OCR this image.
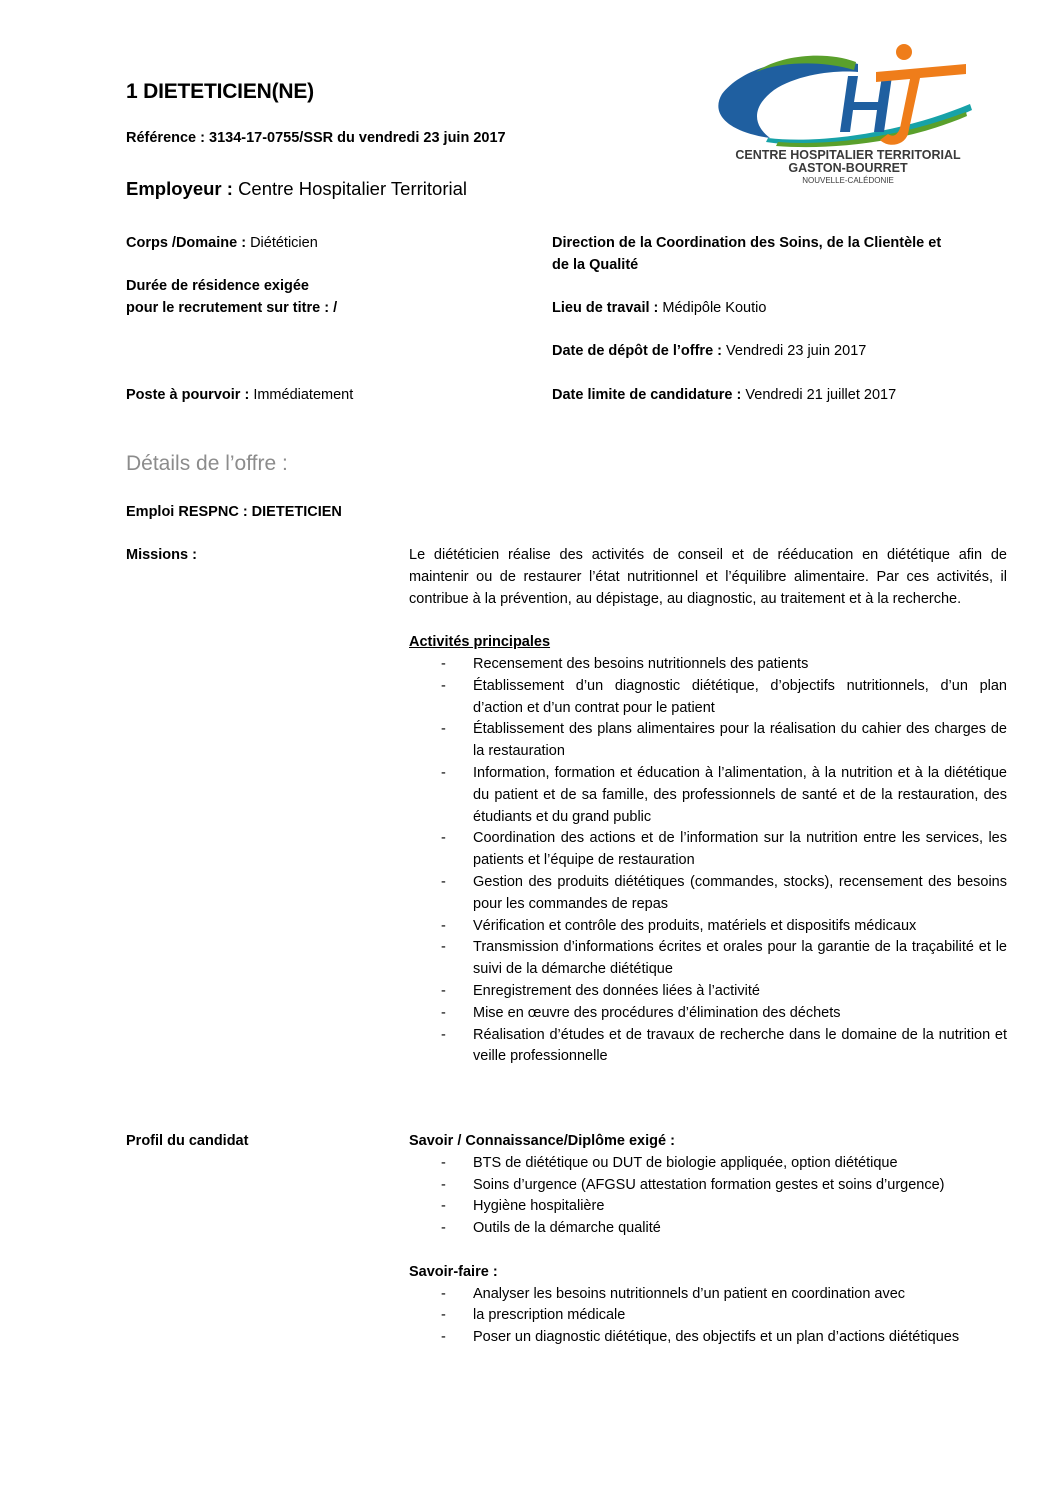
1 DIETETICIEN(NE)
Référence : 3134-17-0755/SSR du vendredi 23 juin 2017
Employeur : Centre Hospitalier Territorial
CENTRE HOSPITALIER TERRITORIAL
GASTON-BOURRET
NOUVELLE-CALÉDONIE
Corps /Domaine : Diététicien
Durée de résidence exigée
pour le recrutement sur titre : /
Poste à pourvoir : Immédiatement
Direction de la Coordination des Soins, de la Clientèle et
de la Qualité
Lieu de travail : Médipôle Koutio
Date de dépôt de l’offre : Vendredi 23 juin 2017
Date limite de candidature : Vendredi 21 juillet 2017
Détails de l’offre :
Emploi RESPNC : DIETETICIEN
Missions :	Le diététicien réalise des activités de conseil et de rééducation en diététique afin de maintenir ou de restaurer l’état nutritionnel et l’équilibre alimentaire. Par ces activités, il contribue à la prévention, au dépistage, au diagnostic, au traitement et à la recherche.
Activités principales
- Recensement des besoins nutritionnels des patients
- Établissement d’un diagnostic diététique, d’objectifs nutritionnels, d’un plan d’action et d’un contrat pour le patient
- Établissement des plans alimentaires pour la réalisation du cahier des charges de la restauration
- Information, formation et éducation à l’alimentation, à la nutrition et à la diététique du patient et de sa famille, des professionnels de santé et de la restauration, des étudiants et du grand public
- Coordination des actions et de l’information sur la nutrition entre les services, les patients et l’équipe de restauration
- Gestion des produits diététiques (commandes, stocks), recensement des besoins pour les commandes de repas
- Vérification et contrôle des produits, matériels et dispositifs médicaux
- Transmission d’informations écrites et orales pour la garantie de la traçabilité et le suivi de la démarche diététique
- Enregistrement des données liées à l’activité
- Mise en œuvre des procédures d’élimination des déchets
- Réalisation d’études et de travaux de recherche dans le domaine de la nutrition et veille professionnelle
Profil du candidat	Savoir / Connaissance/Diplôme exigé :
- BTS de diététique ou DUT de biologie appliquée, option diététique
- Soins d’urgence (AFGSU attestation formation gestes et soins d’urgence)
- Hygiène hospitalière
- Outils de la démarche qualité
Savoir-faire :
- Analyser les besoins nutritionnels d’un patient en coordination avec
- la prescription médicale
- Poser un diagnostic diététique, des objectifs et un plan d’actions diététiques
